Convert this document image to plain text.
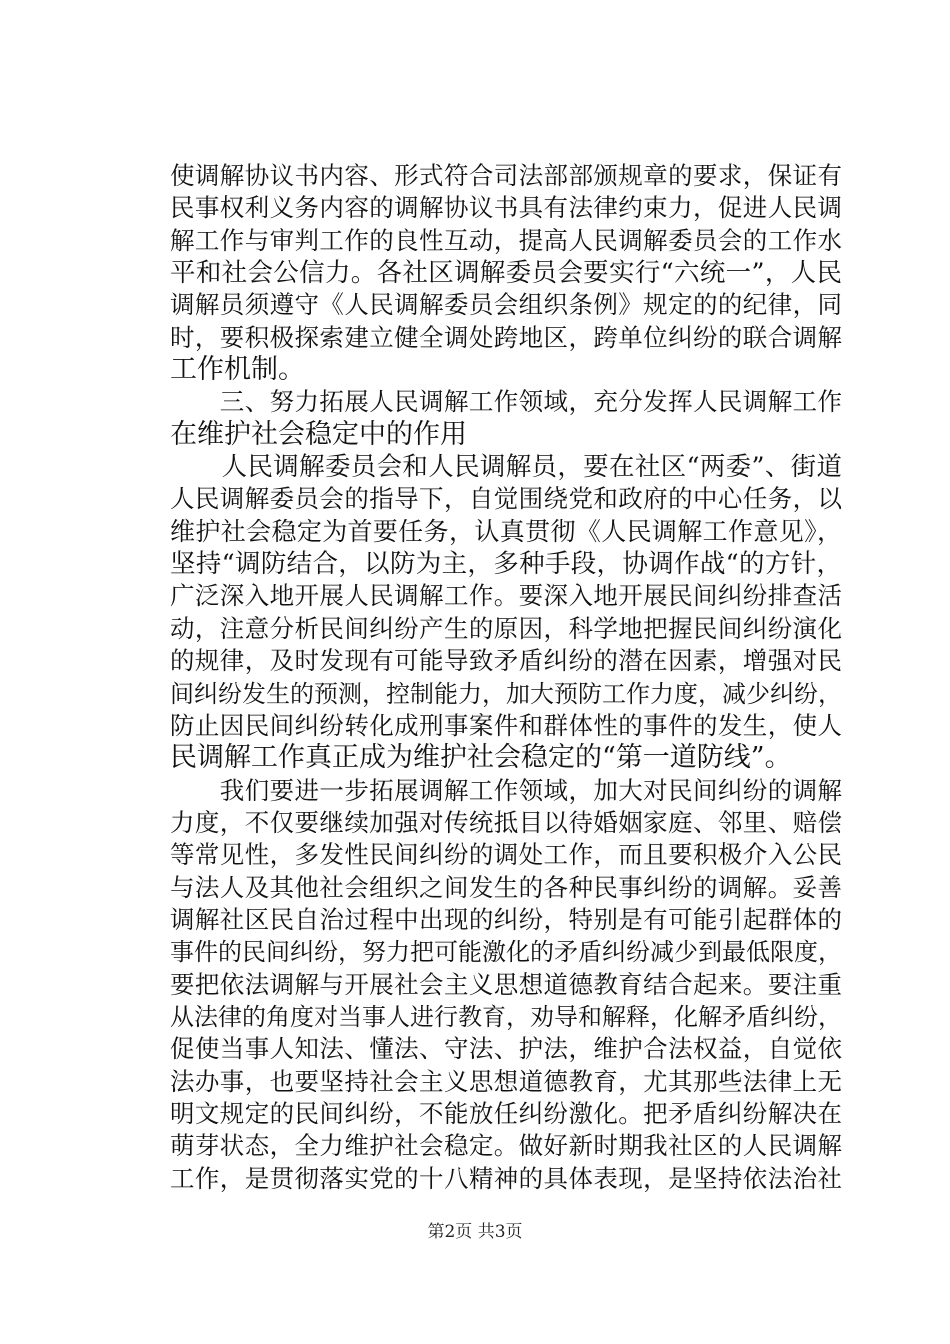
使调解协议书内容、形式符合司法部部颁规章的要求，保证有
民事权利义务内容的调解协议书具有法律约束力，促进人民调
解工作与审判工作的良性互动，提高人民调解委员会的工作水
平和社会公信力。各社区调解委员会要实行“六统一”，人民
调解员须遵守《人民调解委员会组织条例》规定的的纪律，同
时，要积极探索建立健全调处跨地区，跨单位纠纷的联合调解
工作机制。
　　三、努力拓展人民调解工作领域，充分发挥人民调解工作
在维护社会稳定中的作用
　　人民调解委员会和人民调解员，要在社区“两委”、街道
人民调解委员会的指导下，自觉围绕党和政府的中心任务，以
维护社会稳定为首要任务，认真贯彻《人民调解工作意见》，
坚持“调防结合，以防为主，多种手段，协调作战“的方针，
广泛深入地开展人民调解工作。要深入地开展民间纠纷排查活
动，注意分析民间纠纷产生的原因，科学地把握民间纠纷演化
的规律，及时发现有可能导致矛盾纠纷的潜在因素，增强对民
间纠纷发生的预测，控制能力，加大预防工作力度，减少纠纷，
防止因民间纠纷转化成刑事案件和群体性的事件的发生，使人
民调解工作真正成为维护社会稳定的“第一道防线”。
　　我们要进一步拓展调解工作领域，加大对民间纠纷的调解
力度，不仅要继续加强对传统抵目以待婚姻家庭、邻里、赔偿
等常见性，多发性民间纠纷的调处工作，而且要积极介入公民
与法人及其他社会组织之间发生的各种民事纠纷的调解。妥善
调解社区民自治过程中出现的纠纷，特别是有可能引起群体的
事件的民间纠纷，努力把可能激化的矛盾纠纷减少到最低限度，
要把依法调解与开展社会主义思想道德教育结合起来。要注重
从法律的角度对当事人进行教育，劝导和解释，化解矛盾纠纷，
促使当事人知法、懂法、守法、护法，维护合法权益，自觉依
法办事，也要坚持社会主义思想道德教育，尤其那些法律上无
明文规定的民间纠纷，不能放任纠纷激化。把矛盾纠纷解决在
萌芽状态，全力维护社会稳定。做好新时期我社区的人民调解
工作，是贯彻落实党的十八精神的具体表现，是坚持依法治社
第2页 共3页
